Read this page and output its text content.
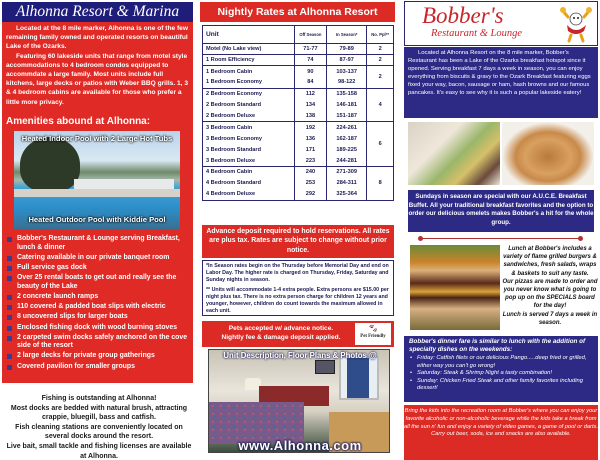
Alhonna Resort & Marina

Located at the 8 mile marker, Alhonna is one of the few remaining family owned and operated resorts on beautiful Lake of the Ozarks.

Featuring 60 lakeside units that range from motel style accommodations to 4 bedroom condos equipped to accommdate a large family. Most units include full kitchens, large decks or patios with Weber BBQ grills. 1, 3 & 4 bedroom cabins are available for those who prefer a little more privacy.

Amenities abound at Alhonna:
Heated Indoor Pool with 2 Large Hot Tubs
Heated Outdoor Pool with Kiddie Pool
Bobber's Restaurant & Lounge serving Breakfast, lunch & dinner
Catering available in our private banquet room
Full service gas dock
Over 25 rental boats to get out and really see the beauty of the Lake
2 concrete launch ramps
110 covered & padded boat slips with electric
8 uncovered slips for larger boats
Enclosed fishing dock with wood burning stoves
2 carpeted swim docks safely anchored on the cove side of the resort
2 large decks for private group gatherings
Covered pavilion for smaller groups
Fishing is outstanding at Alhonna!
Most docks are bedded with natural brush, attracting crappie, bluegill, bass and catfish.
Fish cleaning stations are conveniently located on several docks around the resort.
Live bait, small tackle and fishing licenses are available at Alhonna.
Nightly Rates at Alhonna Resort
Unit	Off Season	In Season*	No. Ppl**
Motel (No Lake view)	71-77	79-89	2
1 Room Efficiency	74	87-97	2
1 Bedroom Cabin	90	103-137	2
1 Bedroom Economy	84	98-122	
2 Bedroom Economy	112	135-158	4
2 Bedroom Standard	134	146-181	
2 Bedroom Deluxe	138	151-187	
3 Bedroom Cabin	192	224-261	6
3 Bedroom Economy	136	162-187	
3 Bedroom Standard	171	189-225	
3 Bedroom Deluxe	223	244-281	
4 Bedroom Cabin	240	271-309	8
4 Bedroom Standard	253	284-311	
4 Bedroom Deluxe	292	325-364	
Advance deposit required to hold reservations. All rates are plus tax. Rates are subject to change without prior notice.

*In Season rates begin on the Thursday before Memorial Day and end on Labor Day. The higher rate is charged on Thursday, Friday, Saturday and Sunday nights in season.

** Units will accommodate 1-4 extra people. Extra persons are $15.00 per night plus tax. There is no extra person charge for children 12 years and younger, however, children do count towards the maximum allowed in each unit.

Pets accepted w/ advance notice.
Nightly fee & damage deposit applied.
🐾︎
Pet Friendly
Unit Description, Floor Plans & Photos @
www.Alhonna.com
Bobber's
Restaurant & Lounge

Located at Alhonna Resort on the 8 mile marker, Bobber's Restaurant has been a Lake of the Ozarks breakfast hotspot since it opened. Serving breakfast 7 days a week in season, you can enjoy everything from biscuits & gravy to the Ozark Breakfast featuring eggs fixed your way, bacon, sausage or ham, hash browns and our famous pancakes. It's easy to see why it is such a popular lakeside eatery!

Sundays in season are special with our A.U.C.E. Breakfast Buffet. All your traditional breakfast favorites and the option to order our delicious omelets makes Bobber's a hit for the whole group.
Lunch at Bobber's includes a variety of flame grilled burgers & sandwiches, fresh salads, wraps & baskets to suit any taste.
Our pizzas are made to order and you never know what is going to pop up on the SPECIALS board for the day!
Lunch is served 7 days a week in season.
Bobber's dinner fare is similar to lunch with the addition of specialty dishes on the weekends:
• Friday: Catfish filets or our delicious Pango.....deep fried or grilled, either way you can't go wrong!
• Saturday: Steak & Shrimp Night a tasty combination!
• Sunday: Chicken Fried Steak and other family favorites including dessert!
Bring the kids into the recreation room at Bobber's where you can enjoy your favorite alcoholic or non-alcoholic beverage while the kids take a break from all the sun n' fun and enjoy a variety of video games, a game of pool or darts.
Carry out beer, soda, ice and snacks are also available.
